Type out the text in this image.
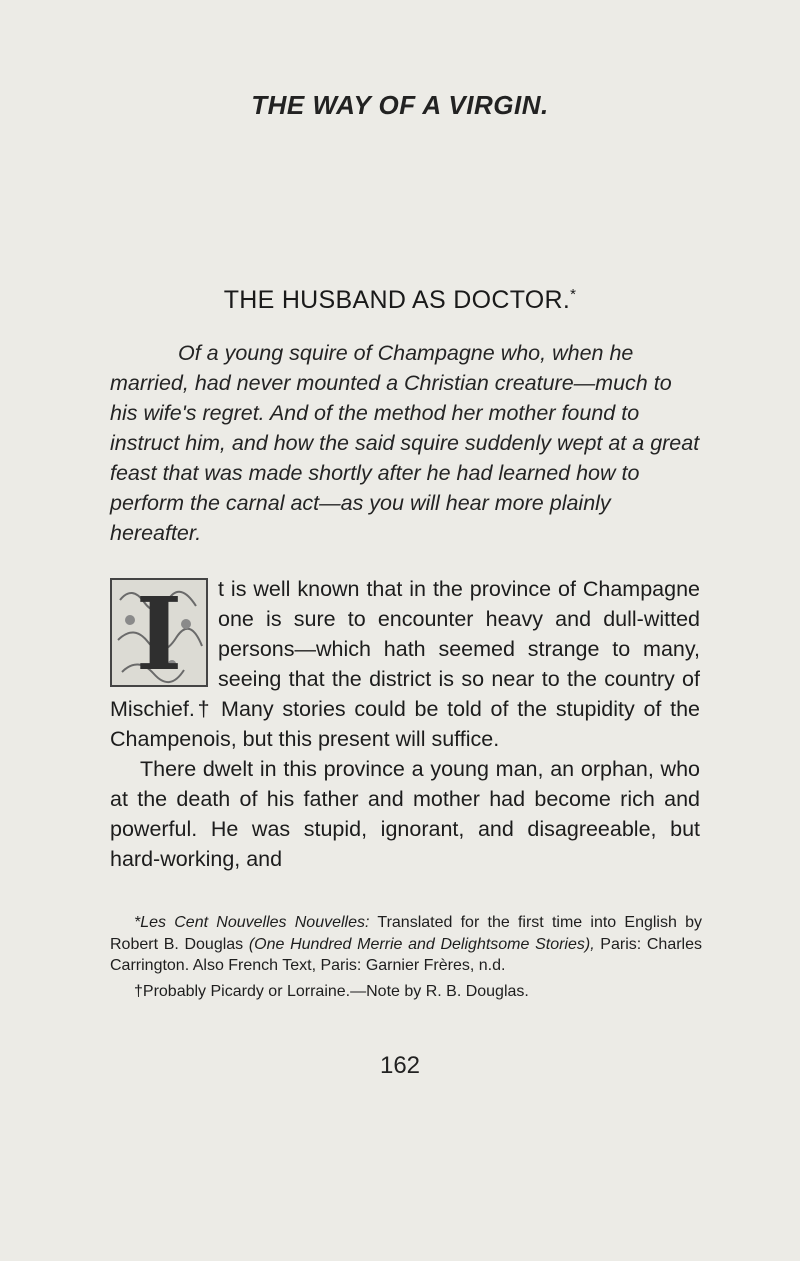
THE WAY OF A VIRGIN.
THE HUSBAND AS DOCTOR.*

Of a young squire of Champagne who, when he married, had never mounted a Christian creature—much to his wife's regret. And of the method her mother found to instruct him, and how the said squire suddenly wept at a great feast that was made shortly after he had learned how to perform the carnal act—as you will hear more plainly hereafter.

I	t is well known that in the province of Champagne one is sure to encounter heavy and dull-witted persons—which hath seemed strange to many, seeing that the district is so near to the country of Mischief.† Many stories could be told of the stupidity of the Champenois, but this present will suffice.

There dwelt in this province a young man, an orphan, who at the death of his father and mother had become rich and powerful. He was stupid, ignorant, and disagreeable, but hard-working, and

*Les Cent Nouvelles Nouvelles: Translated for the first time into English by Robert B. Douglas (One Hundred Merrie and Delightsome Stories), Paris: Charles Carrington. Also French Text, Paris: Garnier Frères, n.d.

†Probably Picardy or Lorraine.—Note by R. B. Douglas.

162
